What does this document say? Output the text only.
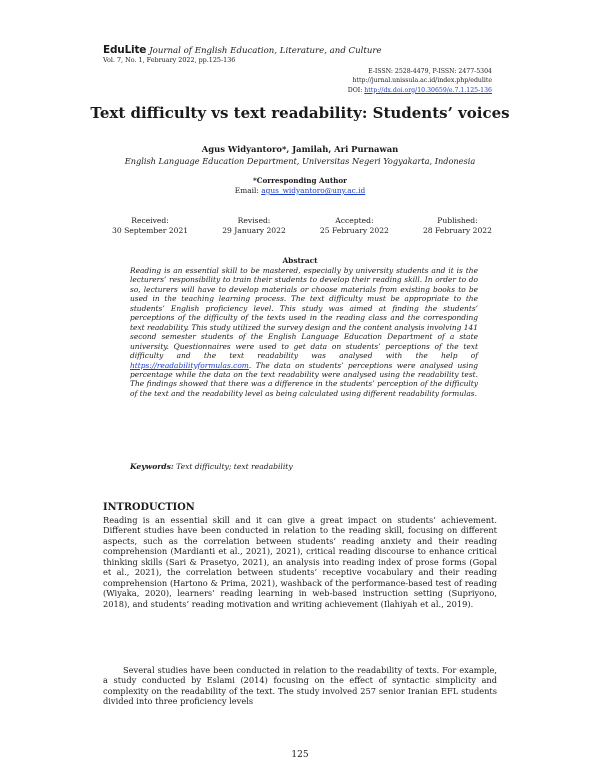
EduLite Journal of English Education, Literature, and Culture
Vol. 7, No. 1, February 2022, pp.125-136
E-ISSN: 2528-4479, P-ISSN: 2477-5304
http://jurnal.unissula.ac.id/index.php/edulite
DOI: http://dx.doi.org/10.30659/e.7.1.125-136
Text difficulty vs text readability: Students’ voices
Agus Widyantoro*, Jamilah, Ari Purnawan
English Language Education Department, Universitas Negeri Yogyakarta, Indonesia
*Corresponding Author
Email: agus_widyantoro@uny.ac.id
Received:
30 September 2021
Revised:
29 January 2022
Accepted:
25 February 2022
Published:
28 February 2022
Abstract
Reading is an essential skill to be mastered, especially by university students and it is the lecturers’ responsibility to train their students to develop their reading skill. In order to do so, lecturers will have to develop materials or choose materials from existing books to be used in the teaching learning process. The text difficulty must be appropriate to the students’ English proficiency level. This study was aimed at finding the students’ perceptions of the difficulty of the texts used in the reading class and the corresponding text readability. This study utilized the survey design and the content analysis involving 141 second semester students of the English Language Education Department of a state university. Questionnaires were used to get data on students’ perceptions of the text difficulty and the text readability was analysed with the help of https://readabilityformulas.com. The data on students’ perceptions were analysed using percentage while the data on the text readability were analysed using the readability test. The findings showed that there was a difference in the students’ perception of the difficulty of the text and the readability level as being calculated using different readability formulas.
Keywords: Text difficulty; text readability
INTRODUCTION
Reading is an essential skill and it can give a great impact on students’ achievement. Different studies have been conducted in relation to the reading skill, focusing on different aspects, such as the correlation between students’ reading anxiety and their reading comprehension (Mardianti et al., 2021), 2021), critical reading discourse to enhance critical thinking skills (Sari & Prasetyo, 2021), an analysis into reading index of prose forms (Gopal et al., 2021), the correlation between students’ receptive vocabulary and their reading comprehension (Hartono & Prima, 2021), washback of the performance-based test of reading (Wiyaka, 2020), learners’ reading learning in web-based instruction setting (Supriyono, 2018), and students’ reading motivation and writing achievement (Ilahiyah et al., 2019).
Several studies have been conducted in relation to the readability of texts. For example, a study conducted by Eslami (2014) focusing on the effect of syntactic simplicity and complexity on the readability of the text. The study involved 257 senior Iranian EFL students divided into three proficiency levels
125
